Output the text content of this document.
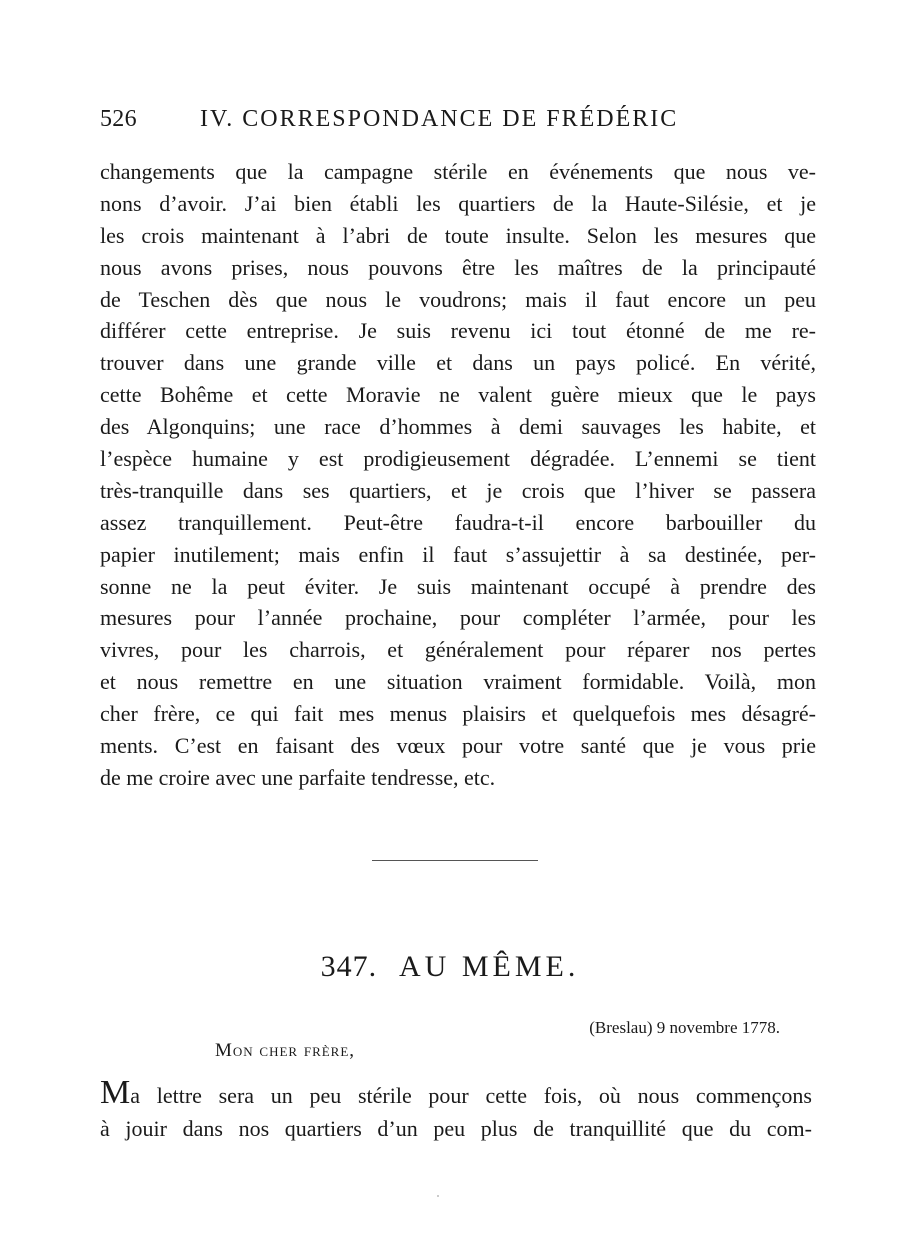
526	IV. CORRESPONDANCE DE FRÉDÉRIC
changements que la campagne stérile en événements que nous ve-
nons d’avoir. J’ai bien établi les quartiers de la Haute-Silésie, et je
les crois maintenant à l’abri de toute insulte. Selon les mesures que
nous avons prises, nous pouvons être les maîtres de la principauté
de Teschen dès que nous le voudrons; mais il faut encore un peu
différer cette entreprise. Je suis revenu ici tout étonné de me re-
trouver dans une grande ville et dans un pays policé. En vérité,
cette Bohême et cette Moravie ne valent guère mieux que le pays
des Algonquins; une race d’hommes à demi sauvages les habite, et
l’espèce humaine y est prodigieusement dégradée. L’ennemi se tient
très-tranquille dans ses quartiers, et je crois que l’hiver se passera
assez tranquillement. Peut-être faudra-t-il encore barbouiller du
papier inutilement; mais enfin il faut s’assujettir à sa destinée, per-
sonne ne la peut éviter. Je suis maintenant occupé à prendre des
mesures pour l’année prochaine, pour compléter l’armée, pour les
vivres, pour les charrois, et généralement pour réparer nos pertes
et nous remettre en une situation vraiment formidable. Voilà, mon
cher frère, ce qui fait mes menus plaisirs et quelquefois mes désagré-
ments. C’est en faisant des vœux pour votre santé que je vous prie
de me croire avec une parfaite tendresse, etc.
347. AU MÊME.
(Breslau) 9 novembre 1778.
Mon cher frère,
Ma lettre sera un peu stérile pour cette fois, où nous commençons
à jouir dans nos quartiers d’un peu plus de tranquillité que du com-
